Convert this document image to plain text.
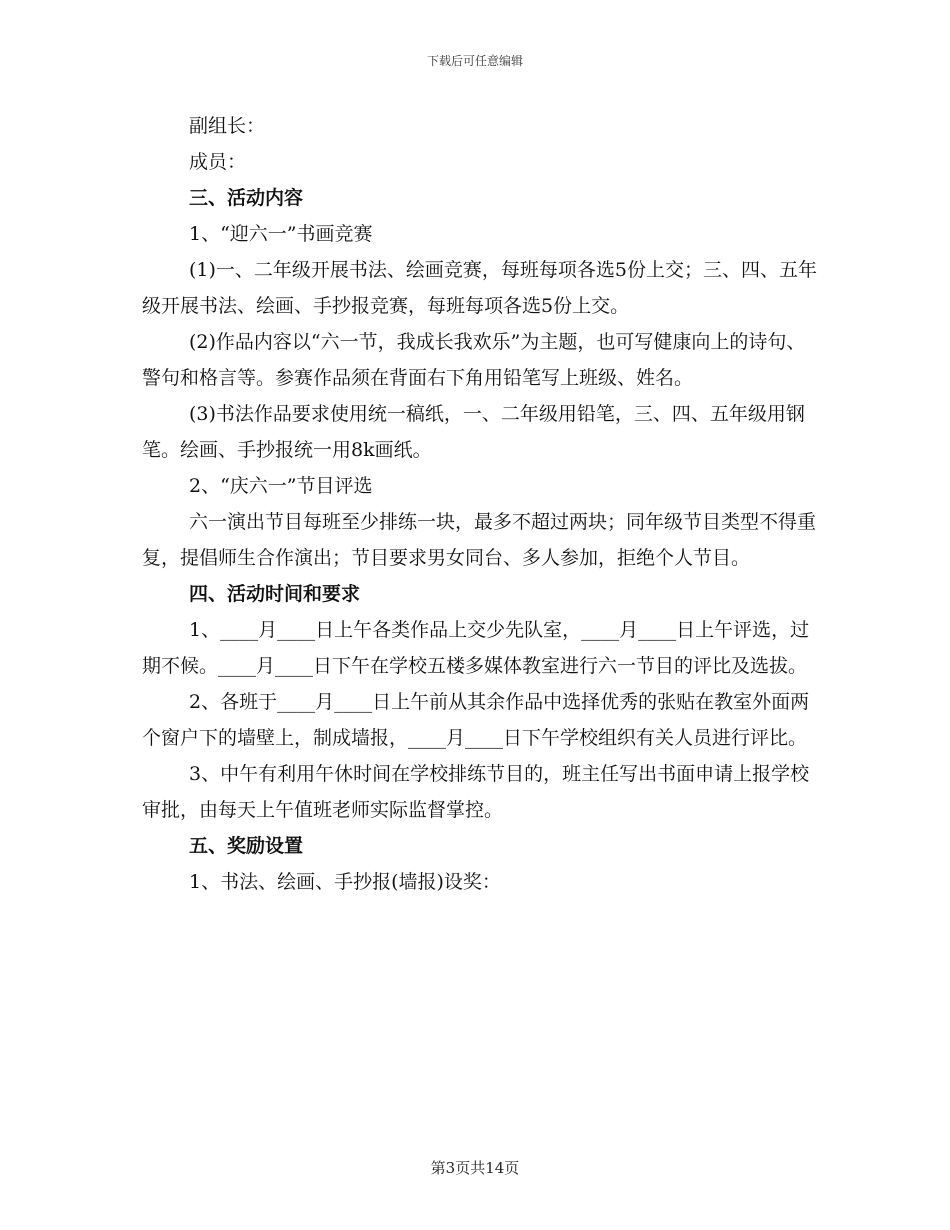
下载后可任意编辑

副组长：

成员：

三、活动内容

1、“迎六一”书画竞赛

(1)一、二年级开展书法、绘画竞赛，每班每项各选5份上交；三、四、五年级开展书法、绘画、手抄报竞赛，每班每项各选5份上交。

(2)作品内容以“六一节，我成长我欢乐”为主题，也可写健康向上的诗句、警句和格言等。参赛作品须在背面右下角用铅笔写上班级、姓名。

(3)书法作品要求使用统一稿纸，一、二年级用铅笔，三、四、五年级用钢笔。绘画、手抄报统一用8k画纸。

2、“庆六一”节目评选

六一演出节目每班至少排练一块，最多不超过两块；同年级节目类型不得重复，提倡师生合作演出；节目要求男女同台、多人参加，拒绝个人节目。

四、活动时间和要求

1、____月____日上午各类作品上交少先队室，____月____日上午评选，过期不候。____月____日下午在学校五楼多媒体教室进行六一节目的评比及选拔。

2、各班于____月____日上午前从其余作品中选择优秀的张贴在教室外面两个窗户下的墙壁上，制成墙报，____月____日下午学校组织有关人员进行评比。

3、中午有利用午休时间在学校排练节目的，班主任写出书面申请上报学校审批，由每天上午值班老师实际监督掌控。

五、奖励设置

1、书法、绘画、手抄报(墙报)设奖：

第3页共14页
